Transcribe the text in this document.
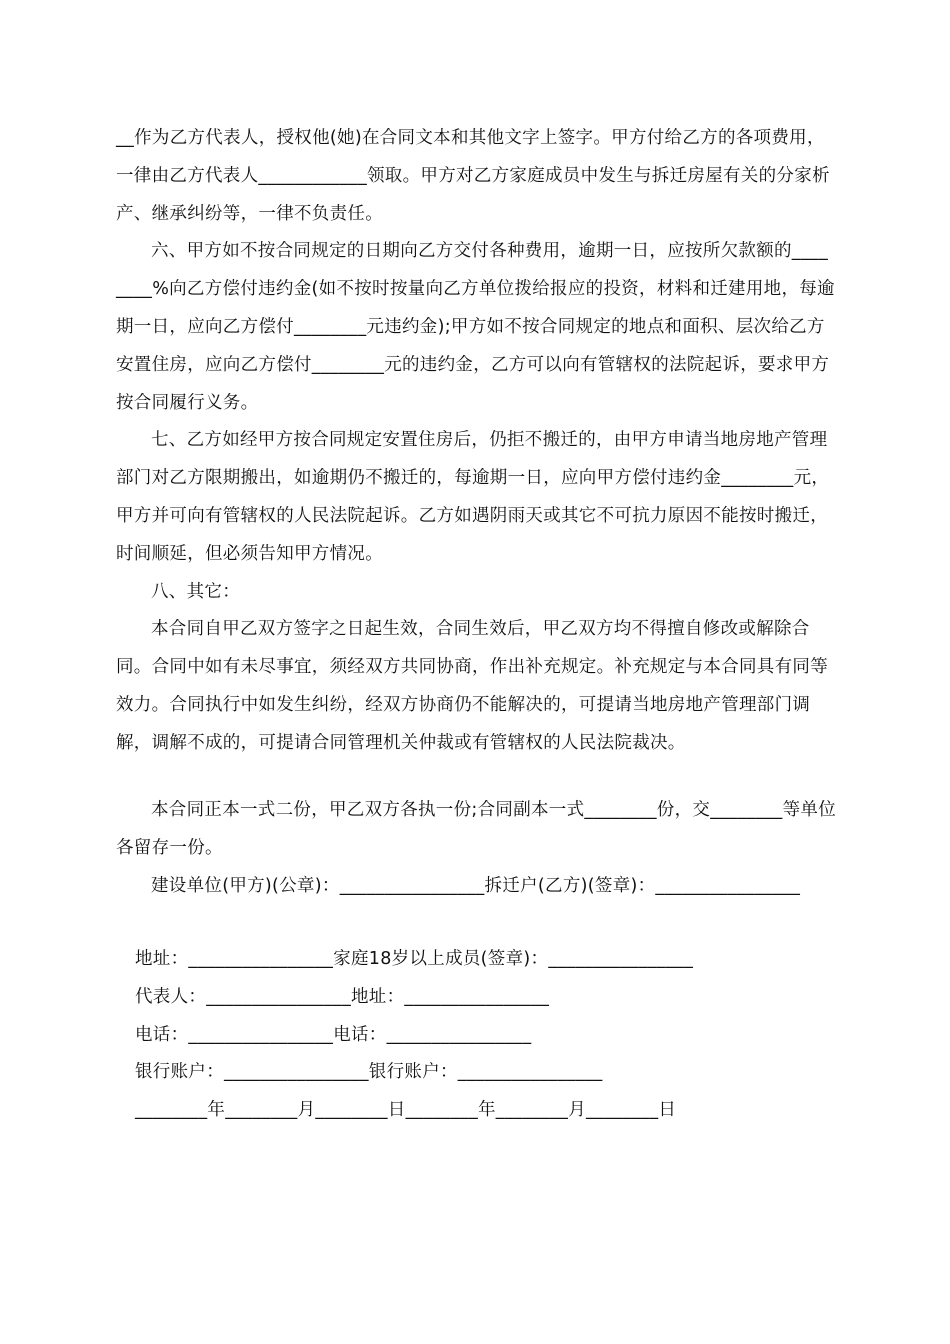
__作为乙方代表人，授权他(她)在合同文本和其他文字上签字。甲方付给乙方的各项费用，一律由乙方代表人____________领取。甲方对乙方家庭成员中发生与拆迁房屋有关的分家析产、继承纠纷等，一律不负责任。

六、甲方如不按合同规定的日期向乙方交付各种费用，逾期一日，应按所欠款额的________%向乙方偿付违约金(如不按时按量向乙方单位拨给报应的投资，材料和迁建用地，每逾期一日，应向乙方偿付________元违约金);甲方如不按合同规定的地点和面积、层次给乙方安置住房，应向乙方偿付________元的违约金，乙方可以向有管辖权的法院起诉，要求甲方按合同履行义务。

七、乙方如经甲方按合同规定安置住房后，仍拒不搬迁的，由甲方申请当地房地产管理部门对乙方限期搬出，如逾期仍不搬迁的，每逾期一日，应向甲方偿付违约金________元，甲方并可向有管辖权的人民法院起诉。乙方如遇阴雨天或其它不可抗力原因不能按时搬迁，时间顺延，但必须告知甲方情况。

八、其它：

本合同自甲乙双方签字之日起生效，合同生效后，甲乙双方均不得擅自修改或解除合同。合同中如有未尽事宜，须经双方共同协商，作出补充规定。补充规定与本合同具有同等效力。合同执行中如发生纠纷，经双方协商仍不能解决的，可提请当地房地产管理部门调解，调解不成的，可提请合同管理机关仲裁或有管辖权的人民法院裁决。

本合同正本一式二份，甲乙双方各执一份;合同副本一式________份，交________等单位各留存一份。

建设单位(甲方)(公章)：________________拆迁户(乙方)(签章)：________________

地址：________________家庭18岁以上成员(签章)：________________

代表人：________________地址：________________

电话：________________电话：________________

银行账户：________________银行账户：________________

________年________月________日________年________月________日
